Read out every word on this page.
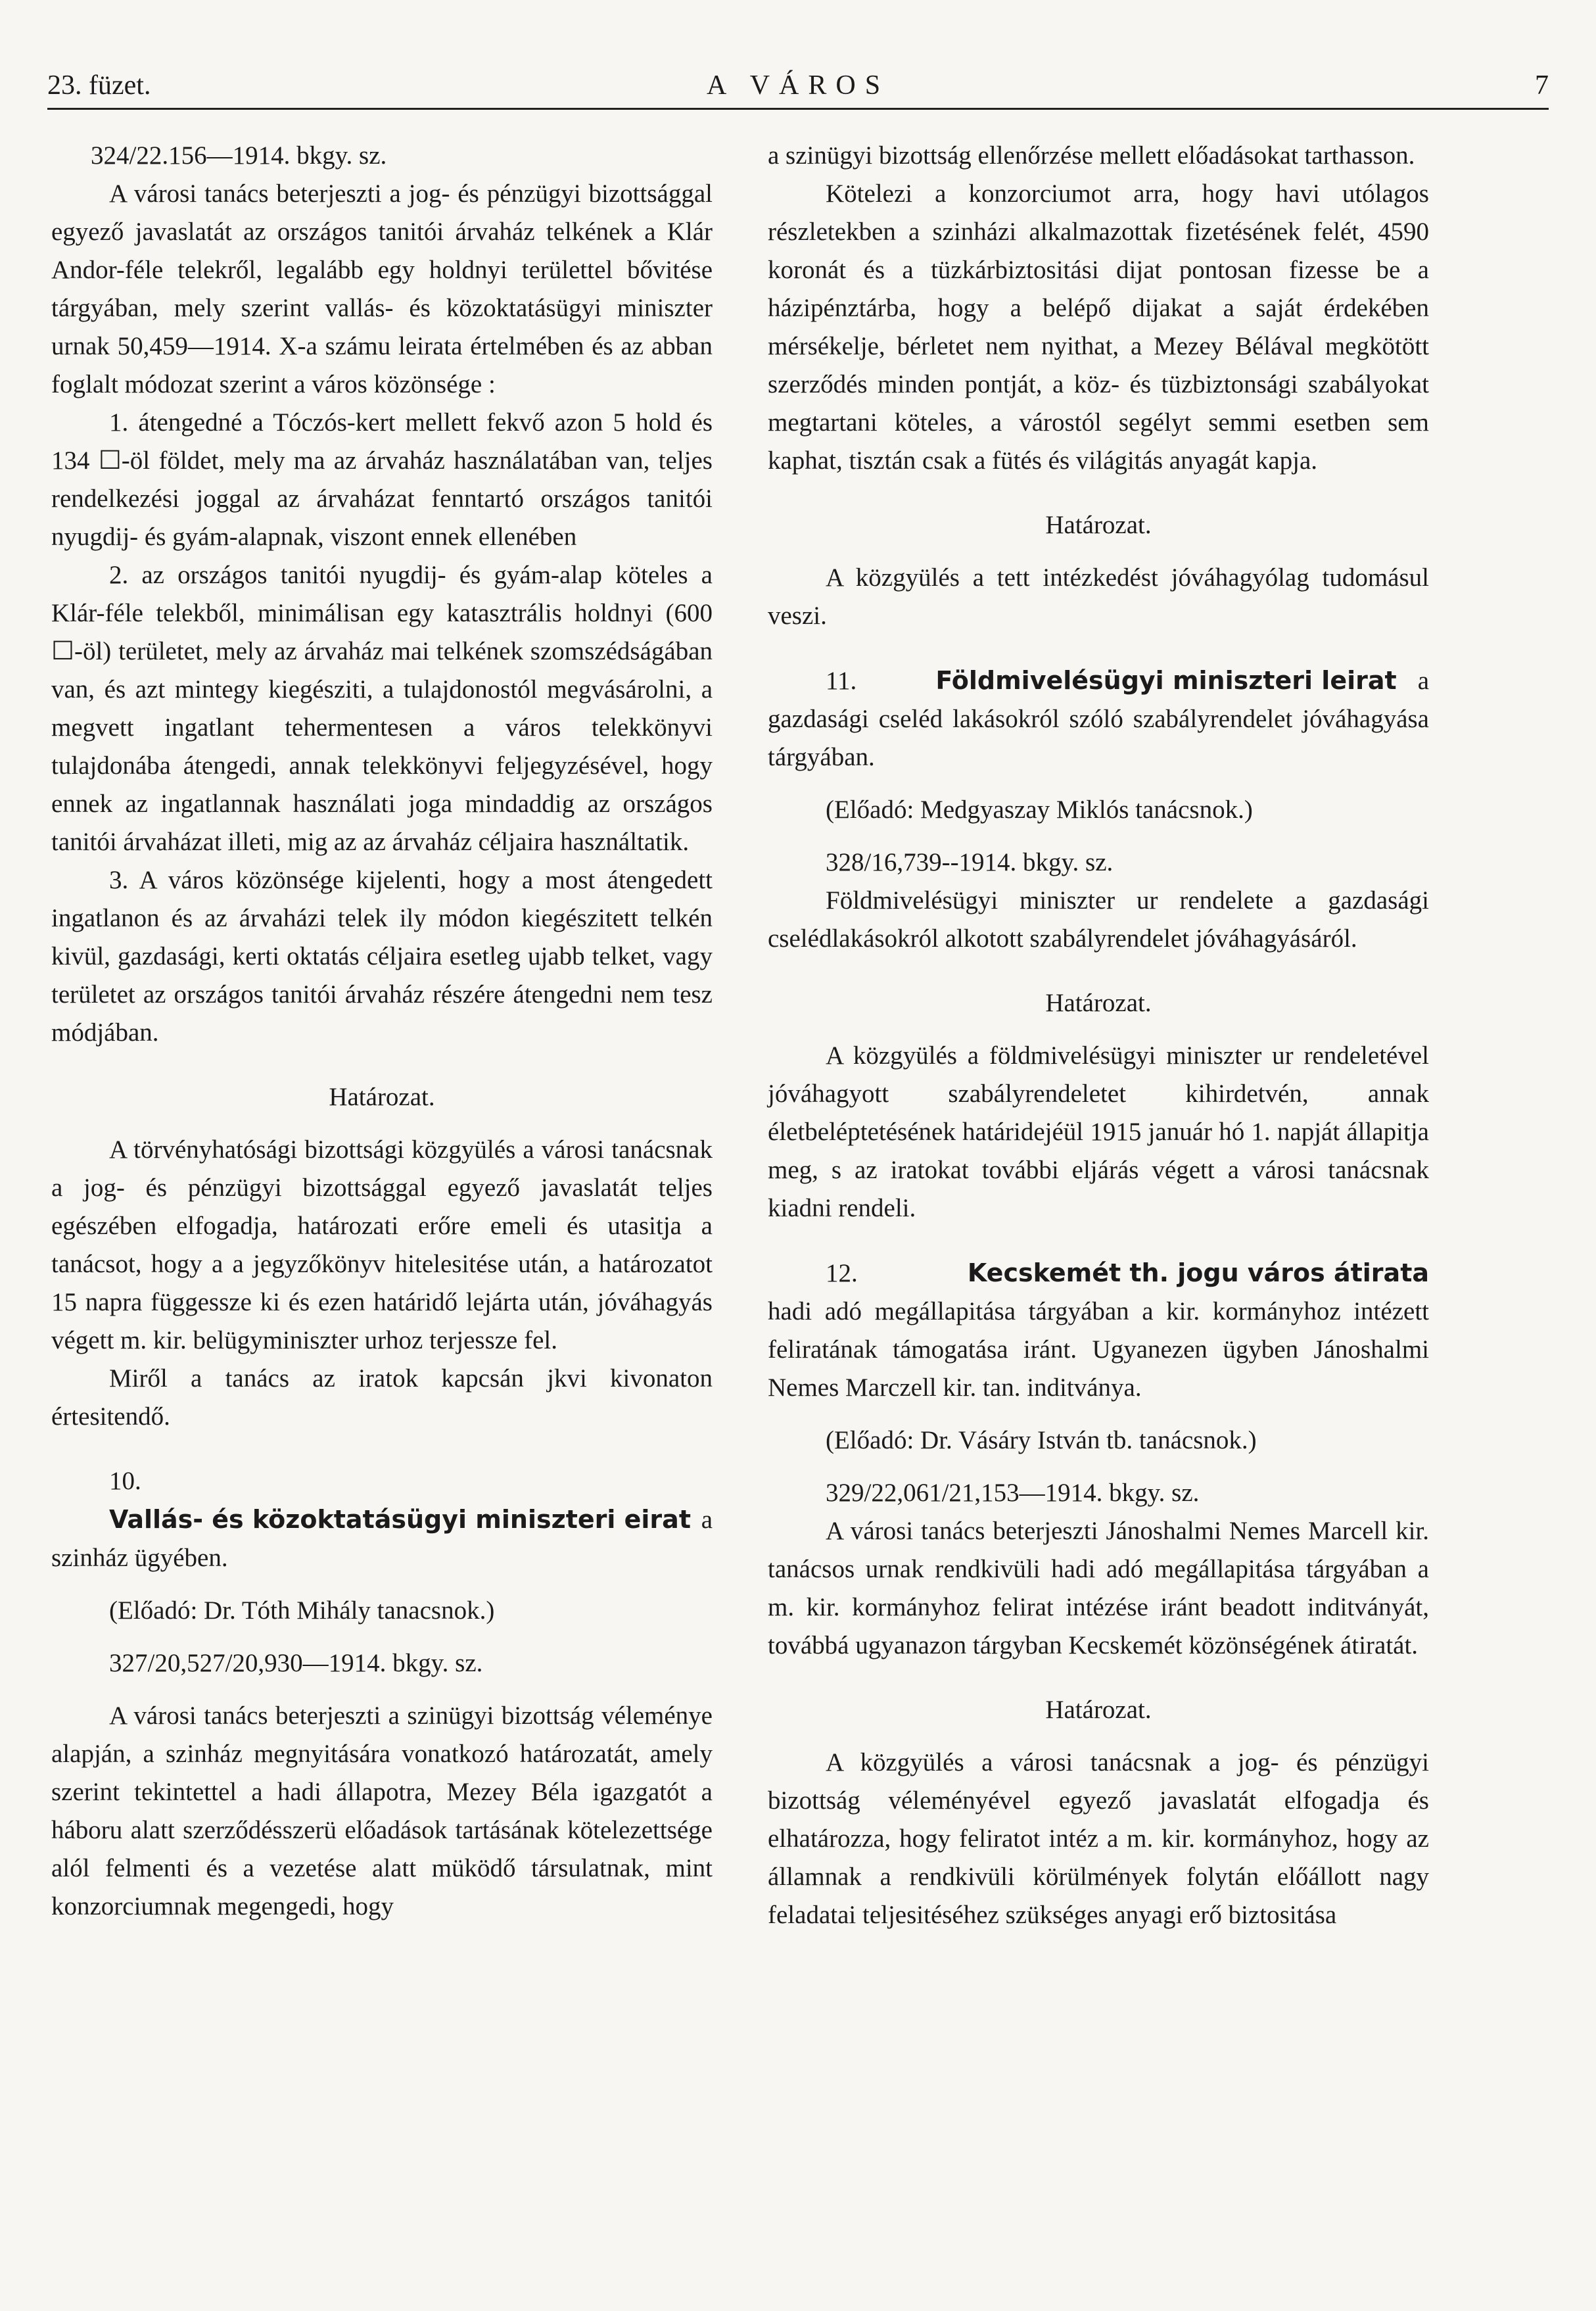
23. füzet.	A VÁROS	7

324/22.156—1914. bkgy. sz.

A városi tanács beterjeszti a jog- és pénzügyi bizottsággal egyező javaslatát az országos tanitói árvaház telkének a Klár Andor-féle telekről, legalább egy holdnyi területtel bővitése tárgyában, mely szerint vallás- és közoktatásügyi miniszter urnak 50,459—1914. X-a számu leirata értelmében és az abban foglalt módozat szerint a város közönsége :

1. átengedné a Tóczós-kert mellett fekvő azon 5 hold és 134 ☐-öl földet, mely ma az árvaház használatában van, teljes rendelkezési joggal az árvaházat fenntartó országos tanitói nyugdij- és gyám-alapnak, viszont ennek ellenében

2. az országos tanitói nyugdij- és gyám-alap köteles a Klár-féle telekből, minimálisan egy katasztrális holdnyi (600 ☐-öl) területet, mely az árvaház mai telkének szomszédságában van, és azt mintegy kiegésziti, a tulajdonostól megvásárolni, a megvett ingatlant tehermentesen a város telekkönyvi tulajdonába átengedi, annak telekkönyvi feljegyzésével, hogy ennek az ingatlannak használati joga mindaddig az országos tanitói árvaházat illeti, mig az az árvaház céljaira használtatik.

3. A város közönsége kijelenti, hogy a most átengedett ingatlanon és az árvaházi telek ily módon kiegészitett telkén kivül, gazdasági, kerti oktatás céljaira esetleg ujabb telket, vagy területet az országos tanitói árvaház részére átengedni nem tesz módjában.

Határozat.

A törvényhatósági bizottsági közgyülés a városi tanácsnak a jog- és pénzügyi bizottsággal egyező javaslatát teljes egészében elfogadja, határozati erőre emeli és utasitja a tanácsot, hogy a a jegyzőkönyv hitelesitése után, a határozatot 15 napra függessze ki és ezen határidő lejárta után, jóváhagyás végett m. kir. belügyminiszter urhoz terjessze fel.

Miről a tanács az iratok kapcsán jkvi kivonaton értesitendő.

10. Vallás- és közoktatásügyi miniszteri eirat a szinház ügyében.

(Előadó: Dr. Tóth Mihály tanacsnok.)

327/20,527/20,930—1914. bkgy. sz.

A városi tanács beterjeszti a szinügyi bizottság véleménye alapján, a szinház megnyitására vonatkozó határozatát, amely szerint tekintettel a hadi állapotra, Mezey Béla igazgatót a háboru alatt szerződésszerü előadások tartásának kötelezettsége alól felmenti és a vezetése alatt müködő társulatnak, mint konzorciumnak megengedi, hogy

a szinügyi bizottság ellenőrzése mellett előadásokat tarthasson.

Kötelezi a konzorciumot arra, hogy havi utólagos részletekben a szinházi alkalmazottak fizetésének felét, 4590 koronát és a tüzkárbiztositási dijat pontosan fizesse be a házipénztárba, hogy a belépő dijakat a saját érdekében mérsékelje, bérletet nem nyithat, a Mezey Bélával megkötött szerződés minden pontját, a köz- és tüzbiztonsági szabályokat megtartani köteles, a várostól segélyt semmi esetben sem kaphat, tisztán csak a fütés és világitás anyagát kapja.

Határozat.

A közgyülés a tett intézkedést jóváhagyólag tudomásul veszi.

11.	Földmivelésügyi miniszteri leirat a gazdasági cseléd lakásokról szóló szabályrendelet jóváhagyása tárgyában.

(Előadó: Medgyaszay Miklós tanácsnok.)

328/16,739--1914. bkgy. sz.

Földmivelésügyi miniszter ur rendelete a gazdasági cselédlakásokról alkotott szabályrendelet jóváhagyásáról.

Határozat.

A közgyülés a földmivelésügyi miniszter ur rendeletével jóváhagyott szabályrendeletet kihirdetvén, annak életbeléptetésének határidejéül 1915 január hó 1. napját állapitja meg, s az iratokat további eljárás végett a városi tanácsnak kiadni rendeli.

12.	Kecskemét th. jogu város átirata hadi adó megállapitása tárgyában a kir. kormányhoz intézett feliratának támogatása iránt. Ugyanezen ügyben Jánoshalmi Nemes Marczell kir. tan. inditványa.

(Előadó: Dr. Vásáry István tb. tanácsnok.)

329/22,061/21,153—1914. bkgy. sz.

A városi tanács beterjeszti Jánoshalmi Nemes Marcell kir. tanácsos urnak rendkivüli hadi adó megállapitása tárgyában a m. kir. kormányhoz felirat intézése iránt beadott inditványát, továbbá ugyanazon tárgyban Kecskemét közönségének átiratát.

Határozat.

A közgyülés a városi tanácsnak a jog- és pénzügyi bizottság véleményével egyező javaslatát elfogadja és elhatározza, hogy feliratot intéz a m. kir. kormányhoz, hogy az államnak a rendkivüli körülmények folytán előállott nagy feladatai teljesitéséhez szükséges anyagi erő biztositása
